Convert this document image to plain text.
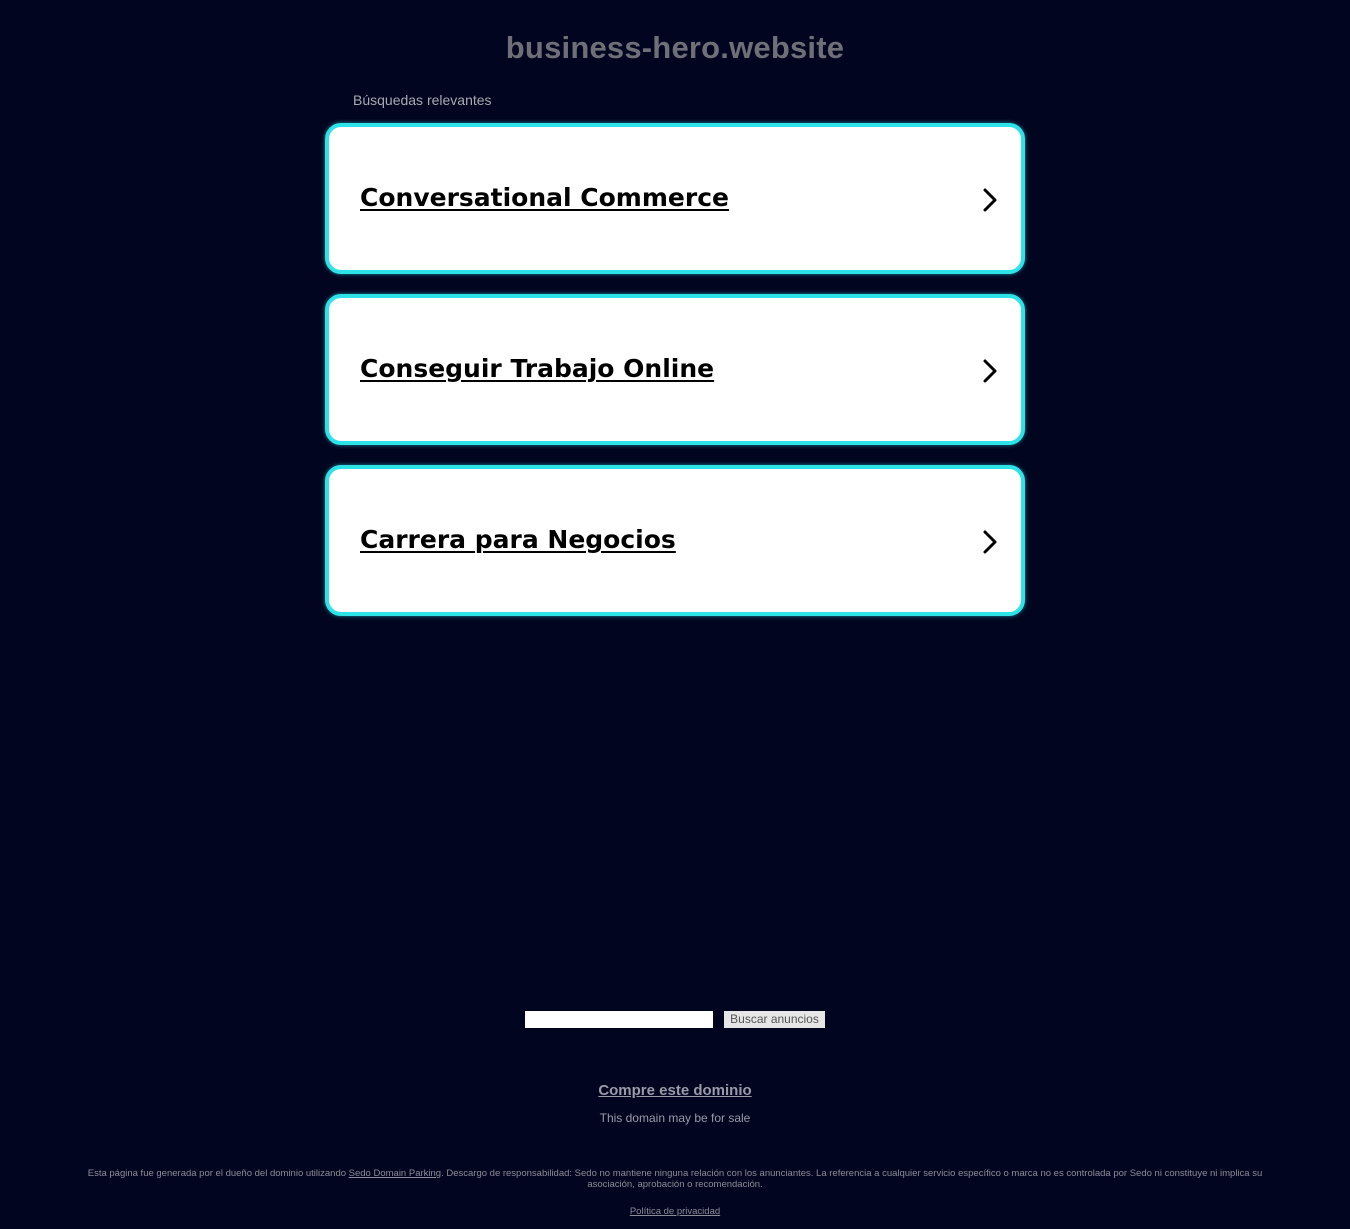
business-hero.website
Búsquedas relevantes
Conversational Commerce
Conseguir Trabajo Online
Carrera para Negocios
Buscar anuncios
Compre este dominio
This domain may be for sale
Esta página fue generada por el dueño del dominio utilizando Sedo Domain Parking. Descargo de responsabilidad: Sedo no mantiene ninguna relación con los anunciantes. La referencia a cualquier servicio específico o marca no es controlada por Sedo ni constituye ni implica su asociación, aprobación o recomendación.
Política de privacidad
